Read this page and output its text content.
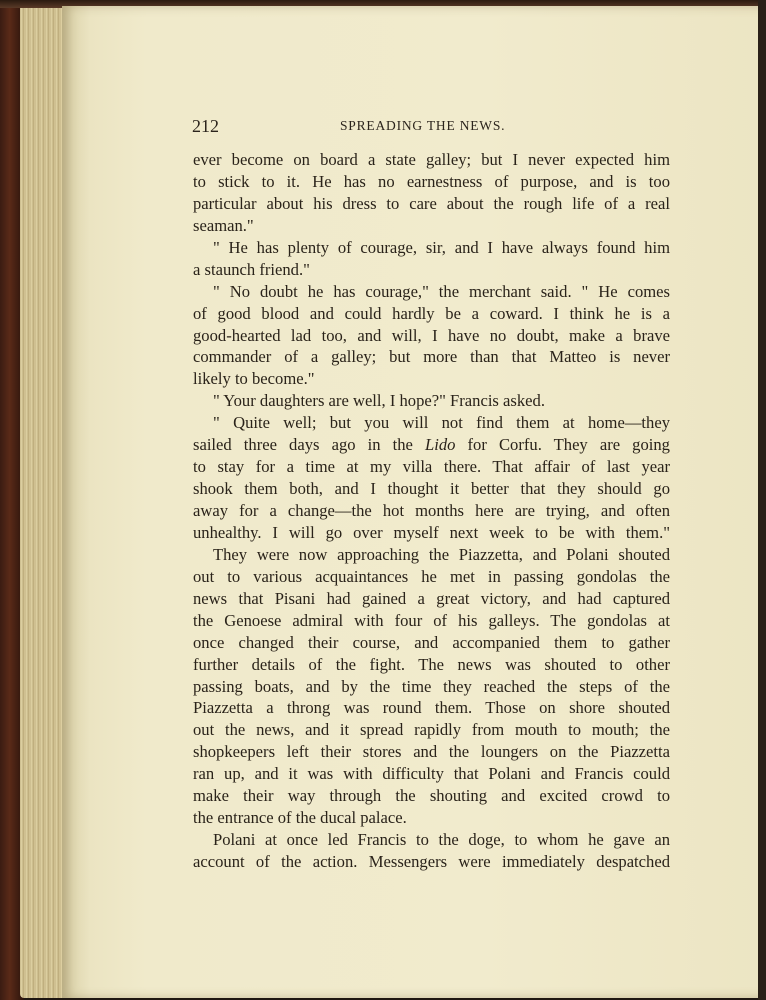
212	SPREADING THE NEWS.
ever become on board a state galley; but I never expected him
to stick to it. He has no earnestness of purpose, and is too
particular about his dress to care about the rough life of a real
seaman."
" He has plenty of courage, sir, and I have always found him
a staunch friend."
" No doubt he has courage," the merchant said. " He comes
of good blood and could hardly be a coward. I think he is a
good-hearted lad too, and will, I have no doubt, make a brave
commander of a galley; but more than that Matteo is never
likely to become."
" Your daughters are well, I hope?" Francis asked.
" Quite well; but you will not find them at home—they
sailed three days ago in the Lido for Corfu. They are going
to stay for a time at my villa there. That affair of last year
shook them both, and I thought it better that they should go
away for a change—the hot months here are trying, and often
unhealthy. I will go over myself next week to be with them."
They were now approaching the Piazzetta, and Polani shouted
out to various acquaintances he met in passing gondolas the
news that Pisani had gained a great victory, and had captured
the Genoese admiral with four of his galleys. The gondolas at
once changed their course, and accompanied them to gather
further details of the fight. The news was shouted to other
passing boats, and by the time they reached the steps of the
Piazzetta a throng was round them. Those on shore shouted
out the news, and it spread rapidly from mouth to mouth; the
shopkeepers left their stores and the loungers on the Piazzetta
ran up, and it was with difficulty that Polani and Francis could
make their way through the shouting and excited crowd to
the entrance of the ducal palace.
Polani at once led Francis to the doge, to whom he gave an
account of the action. Messengers were immediately despatched
